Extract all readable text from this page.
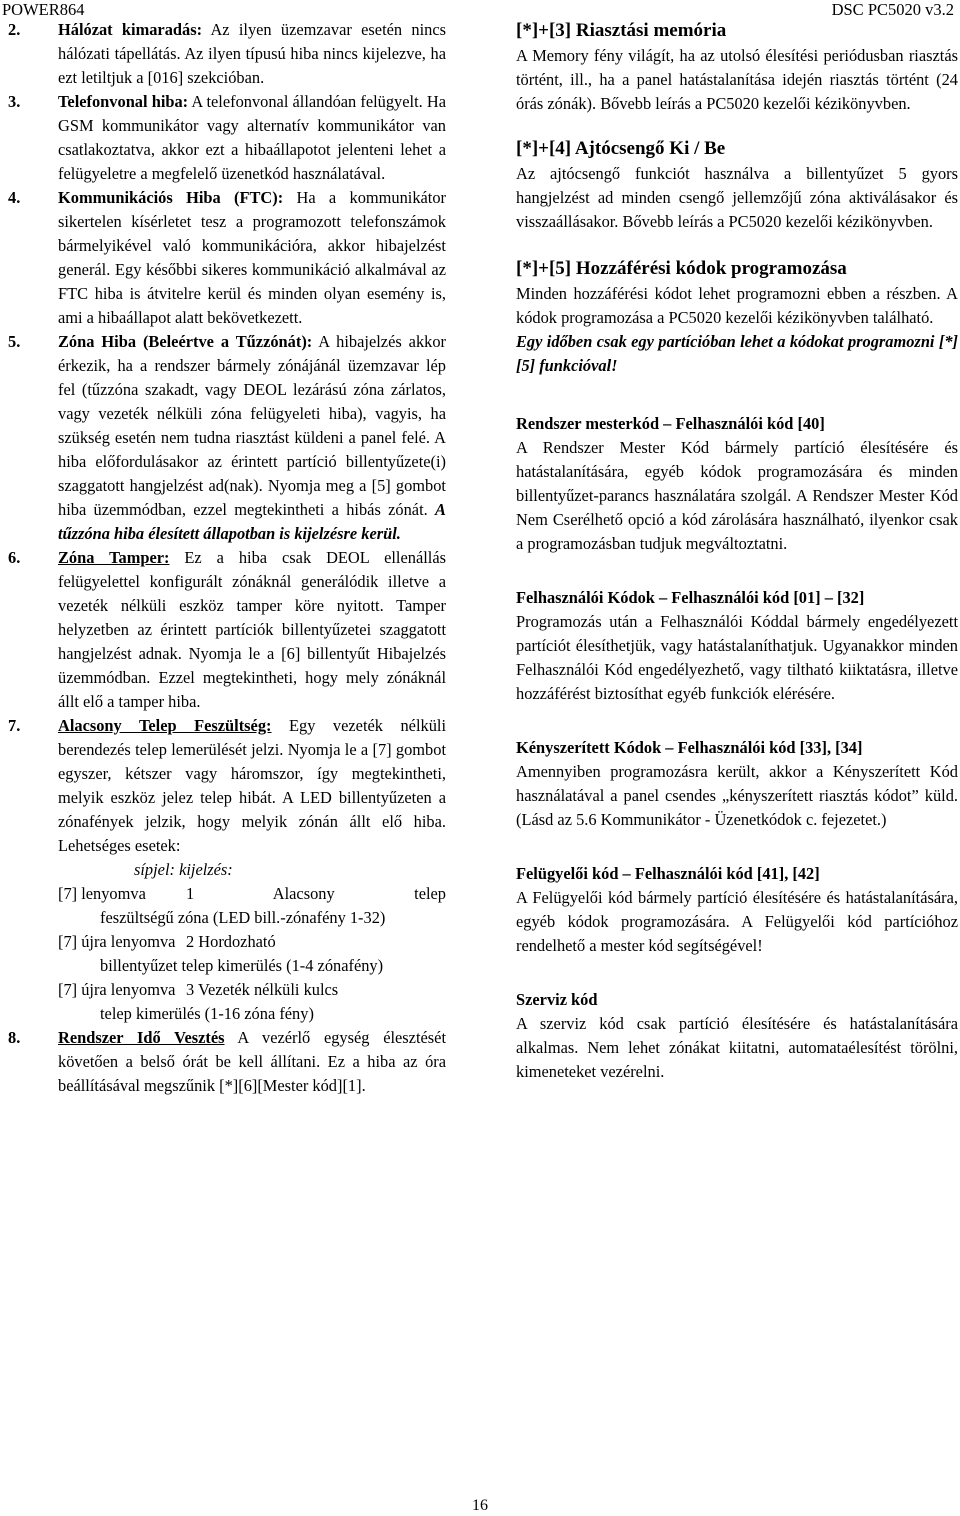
POWER864	DSC PC5020 v3.2
2.	Hálózat kimaradás: Az ilyen üzemzavar esetén nincs hálózati tápellátás. Az ilyen típusú hiba nincs kijelezve, ha ezt letiltjuk a [016] szekcióban.
3.	Telefonvonal hiba: A telefonvonal állandóan felügyelt. Ha GSM kommunikátor vagy alternatív kommunikátor van csatlakoztatva, akkor ezt a hibaállapotot jelenteni lehet a felügyeletre a megfelelő üzenetkód használatával.
4.	Kommunikációs Hiba (FTC): Ha a kommunikátor sikertelen kísérletet tesz a programozott telefonszámok bármelyikével való kommunikációra, akkor hibajelzést generál. Egy későbbi sikeres kommunikáció alkalmával az FTC hiba is átvitelre kerül és minden olyan esemény is, ami a hibaállapot alatt bekövetkezett.
5.	Zóna Hiba (Beleértve a Tűzzónát): A hibajelzés akkor érkezik, ha a rendszer bármely zónájánál üzemzavar lép fel (tűzzóna szakadt, vagy DEOL lezárású zóna zárlatos, vagy vezeték nélküli zóna felügyeleti hiba), vagyis, ha szükség esetén nem tudna riasztást küldeni a panel felé. A hiba előfordulásakor az érintett partíció billentyűzete(i) szaggatott hangjelzést ad(nak). Nyomja meg a [5] gombot hiba üzemmódban, ezzel megtekintheti a hibás zónát. A tűzzóna hiba élesített állapotban is kijelzésre kerül.
6.	Zóna Tamper: Ez a hiba csak DEOL ellenállás felügyelettel konfigurált zónáknál generálódik illetve a vezeték nélküli eszköz tamper köre nyitott. Tamper helyzetben az érintett partíciók billentyűzetei szaggatott hangjelzést adnak. Nyomja le a [6] billentyűt Hibajelzés üzemmódban. Ezzel megtekintheti, hogy mely zónáknál állt elő a tamper hiba.
7.	Alacsony Telep Feszültség: Egy vezeték nélküli berendezés telep lemerülését jelzi. Nyomja le a [7] gombot egyszer, kétszer vagy háromszor, így megtekintheti, melyik eszköz jelez telep hibát. A LED billentyűzeten a zónafények jelzik, hogy melyik zónán állt elő hiba. Lehetséges esetek:
sípjel: kijelzés:
[7] lenyomva	1 Alacsony telep
feszültségű zóna (LED bill.-zónafény 1-32)
[7] újra lenyomva 2 Hordozható
billentyűzet telep kimerülés (1-4 zónafény)
[7] újra lenyomva 3 Vezeték nélküli kulcs
telep kimerülés (1-16 zóna fény)
8.	Rendszer Idő Vesztés A vezérlő egység élesztését követően a belső órát be kell állítani. Ez a hiba az óra beállításával megszűnik [*][6][Mester kód][1].
[*]+[3] Riasztási memória
A Memory fény világít, ha az utolsó élesítési periódusban riasztás történt, ill., ha a panel hatástalanítása idején riasztás történt (24 órás zónák). Bővebb leírás a PC5020 kezelői kézikönyvben.
[*]+[4] Ajtócsengő Ki / Be
Az ajtócsengő funkciót használva a billentyűzet 5 gyors hangjelzést ad minden csengő jellemzőjű zóna aktiválásakor és visszaállásakor. Bővebb leírás a PC5020 kezelői kézikönyvben.
[*]+[5] Hozzáférési kódok programozása
Minden hozzáférési kódot lehet programozni ebben a részben. A kódok programozása a PC5020 kezelői kézikönyvben található.
Egy időben csak egy partícióban lehet a kódokat programozni [*][5] funkcióval!
Rendszer mesterkód – Felhasználói kód [40]
A Rendszer Mester Kód bármely partíció élesítésére és hatástalanítására, egyéb kódok programozására és minden billentyűzet-parancs használatára szolgál. A Rendszer Mester Kód Nem Cserélhető opció a kód zárolására használható, ilyenkor csak a programozásban tudjuk megváltoztatni.
Felhasználói Kódok – Felhasználói kód [01] – [32]
Programozás után a Felhasználói Kóddal bármely engedélyezett partíciót élesíthetjük, vagy hatástalaníthatjuk. Ugyanakkor minden Felhasználói Kód engedélyezhető, vagy tiltható kiiktatásra, illetve hozzáférést biztosíthat egyéb funkciók elérésére.
Kényszerített Kódok – Felhasználói kód [33], [34]
Amennyiben programozásra került, akkor a Kényszerített Kód használatával a panel csendes „kényszerített riasztás kódot” küld. (Lásd az 5.6 Kommunikátor - Üzenetkódok c. fejezetet.)
Felügyelői kód – Felhasználói kód [41], [42]
A Felügyelői kód bármely partíció élesítésére és hatástalanítására, egyéb kódok programozására. A Felügyelői kód partícióhoz rendelhető a mester kód segítségével!
Szerviz kód
A szerviz kód csak partíció élesítésére és hatástalanítására alkalmas. Nem lehet zónákat kiitatni, automataélesítést törölni, kimeneteket vezérelni.
16
